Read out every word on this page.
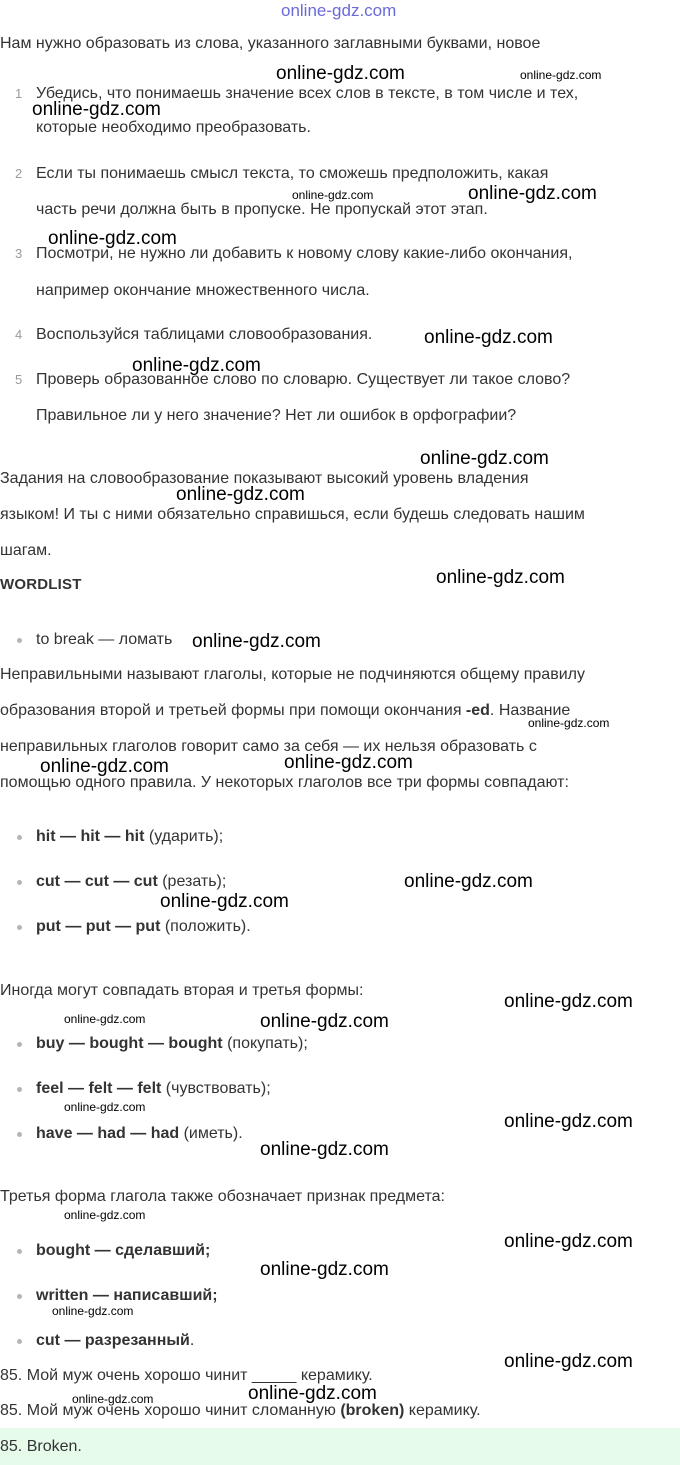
online-gdz.com
Нам нужно образовать из слова, указанного заглавными буквами, новое
1 Убедись, что понимаешь значение всех слов в тексте, в том числе и тех,
которые необходимо преобразовать.
2 Если ты понимаешь смысл текста, то сможешь предположить, какая
часть речи должна быть в пропуске. Не пропускай этот этап.
3 Посмотри, не нужно ли добавить к новому слову какие-либо окончания,
например окончание множественного числа.
4 Воспользуйся таблицами словообразования.
5 Проверь образованное слово по словарю. Существует ли такое слово?
Правильное ли у него значение? Нет ли ошибок в орфографии?
Задания на словообразование показывают высокий уровень владения
языком! И ты с ними обязательно справишься, если будешь следовать нашим
шагам.
WORDLIST
to break — ломать
Неправильными называют глаголы, которые не подчиняются общему правилу
образования второй и третьей формы при помощи окончания -ed. Название
неправильных глаголов говорит само за себя — их нельзя образовать с
помощью одного правила. У некоторых глаголов все три формы совпадают:
hit — hit — hit (ударить);
cut — cut — cut (резать);
put — put — put (положить).
Иногда могут совпадать вторая и третья формы:
buy — bought — bought (покупать);
feel — felt — felt (чувствовать);
have — had — had (иметь).
Третья форма глагола также обозначает признак предмета:
bought — сделавший;
written — написавший;
cut — разрезанный.
85. Мой муж очень хорошо чинит _____ керамику.
85. Мой муж очень хорошо чинит сломанную (broken) керамику.
85. Broken.
online-gdz.com	online-gdz.com
online-gdz.com
online-gdz.com	online-gdz.com
online-gdz.com
online-gdz.com
online-gdz.com
online-gdz.com
online-gdz.com
online-gdz.com
online-gdz.com
online-gdz.com
online-gdz.com	online-gdz.com
online-gdz.com
online-gdz.com
online-gdz.com
online-gdz.com	online-gdz.com
online-gdz.com
online-gdz.com
online-gdz.com
online-gdz.com
online-gdz.com
online-gdz.com
online-gdz.com
online-gdz.com
online-gdz.com	online-gdz.com
